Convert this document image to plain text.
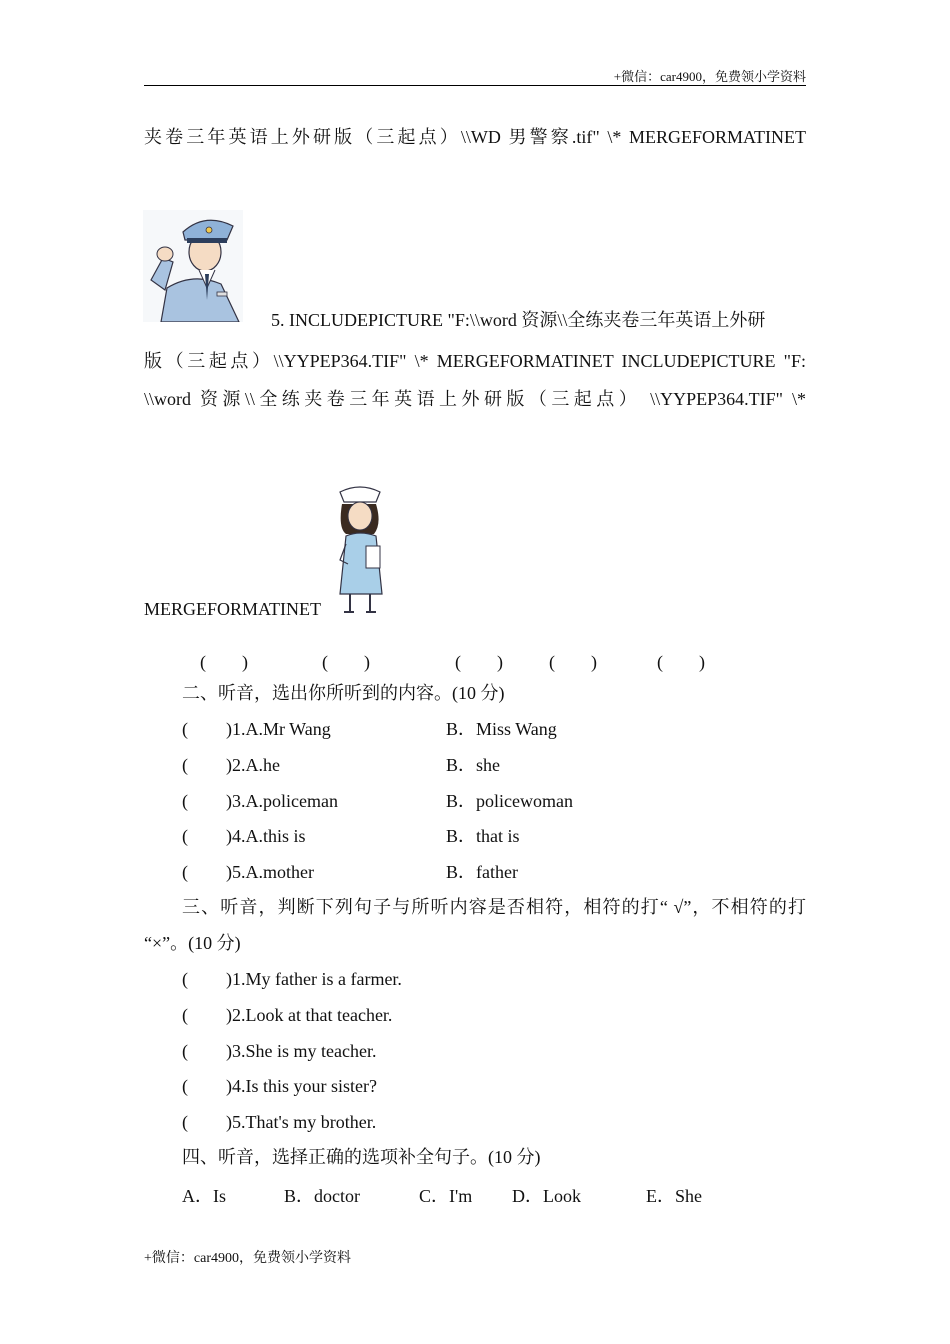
+微信：car4900，免费领小学资料
夹卷三年英语上外研版（三起点）\\WD 男警察.tif" \* MERGEFORMATINET
5. INCLUDEPICTURE "F:\\word 资源\\全练夹卷三年英语上外研
版（三起点）\\YYPEP364.TIF" \* MERGEFORMATINET INCLUDEPICTURE "F:
\\word 资源\\全练夹卷三年英语上外研版（三起点） \\YYPEP364.TIF" \*
MERGEFORMATINET
(　　)	(　　)	(　　)	(　　)	(　　)
二、听音，选出你所听到的内容。(10 分)
( )1.A.Mr Wang	B．Miss Wang
( )2.A.he	B．she
( )3.A.policeman	B．policewoman
( )4.A.this is	B．that is
( )5.A.mother	B．father
三、听音，判断下列句子与所听内容是否相符，相符的打“ √”，不相符的打
“×”。(10 分)
( )1.My father is a farmer.
( )2.Look at that teacher.
( )3.She is my teacher.
( )4.Is this your sister?
( )5.That's my brother.
四、听音，选择正确的选项补全句子。(10 分)
A．Is	B．doctor	C．I'm D．Look	E．She
+微信：car4900，免费领小学资料
